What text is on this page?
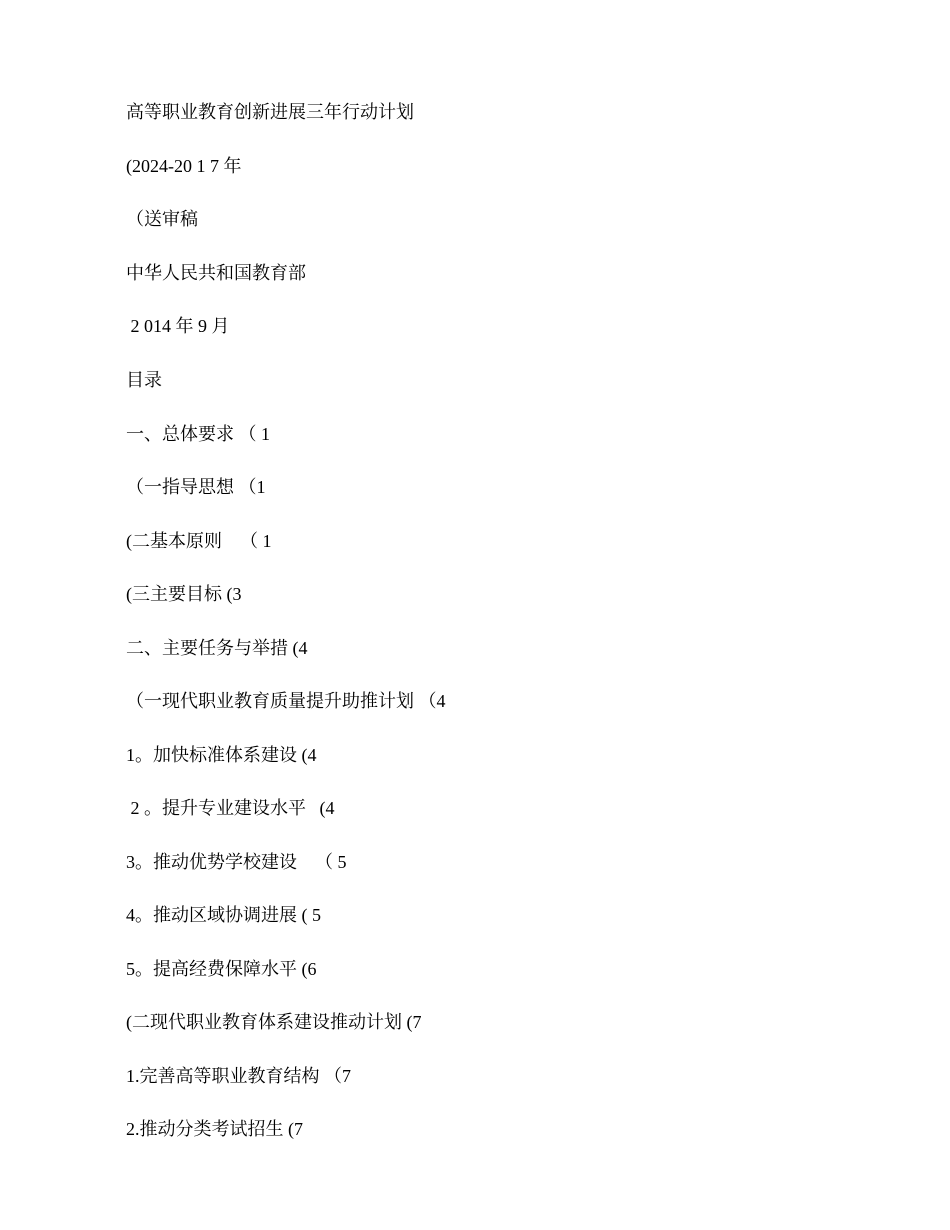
高等职业教育创新进展三年行动计划
(2024-20 1 7 年
（送审稿
中华人民共和国教育部
2 014 年 9 月
目录
一、总体要求 （ 1
（一指导思想 （1
(二基本原则    （ 1
(三主要目标 (3
二、主要任务与举措 (4
（一现代职业教育质量提升助推计划 （4
1。加快标准体系建设 (4
2 。提升专业建设水平   (4
3。推动优势学校建设    （ 5
4。推动区域协调进展 ( 5
5。提高经费保障水平 (6
(二现代职业教育体系建设推动计划 (7
1.完善高等职业教育结构 （7
2.推动分类考试招生 (7
